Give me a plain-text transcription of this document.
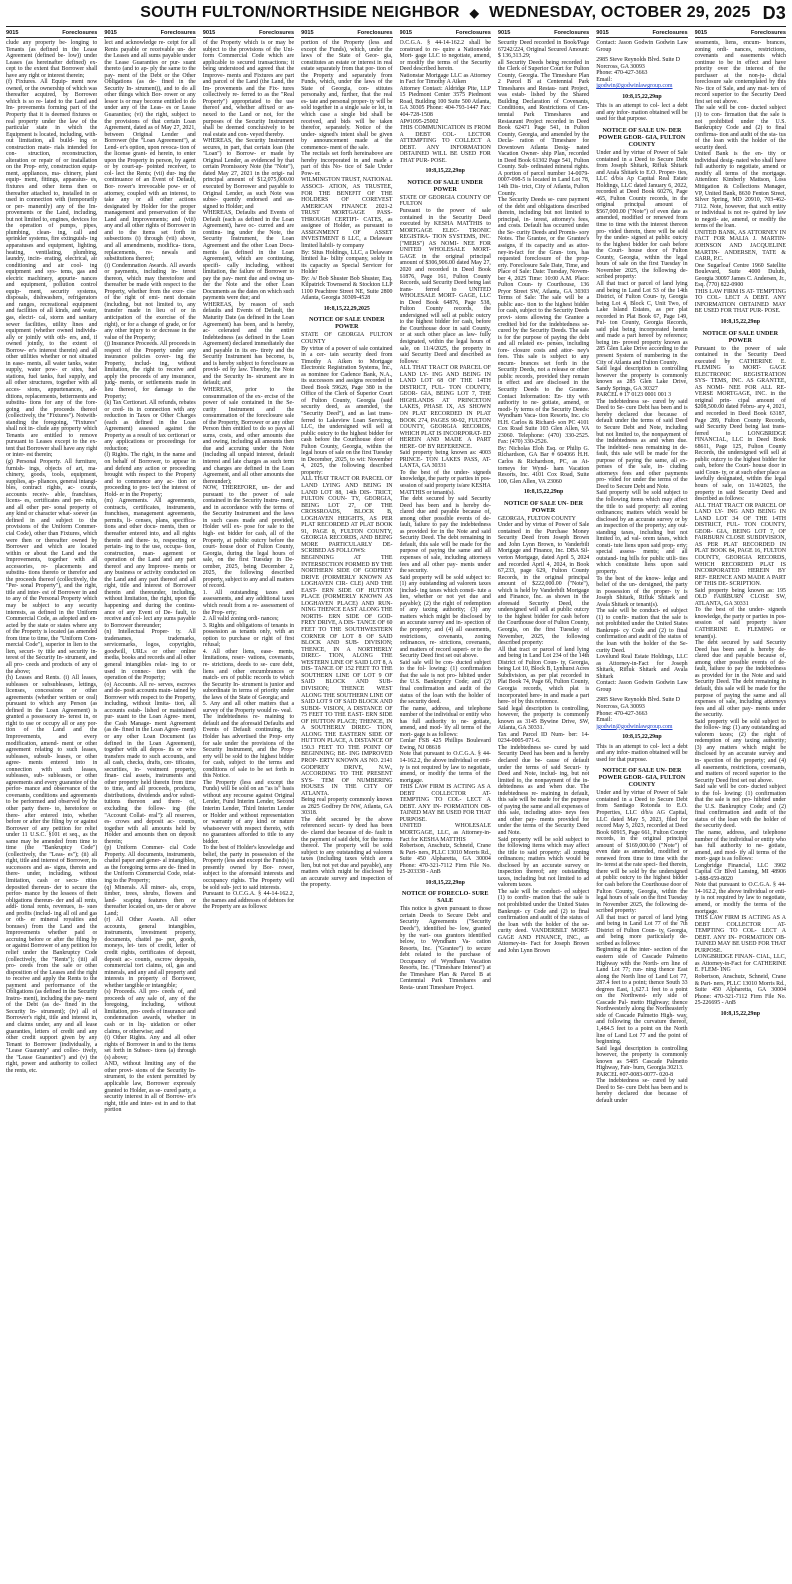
SOUTH FULTON/NORTHSIDE NEIGHBOR ◆ WEDNESDAY, OCTOBER 29, 2025 D3
9015	Foreclosures
clude any property be- longing to Tenants (as defined in the Lease Agreement (defined be- low)) under Leases (as hereinafter defined) ex- cept to the extent that Borrower shall have any right or interest therein;
(f) Fixtures. All Equip- ment now owned, or the ownership of which was thereafter acquired, by Borrower which is so re- lated to the Land and Im- provements forming part of the Property that it is deemed fixtures or real property under the law of the particular state in which the Equipment is located, including, with- out limitation, all build- ing or construction mate- rials intended for con- struction, reconstruction, alteration or repair of or installation on the Prop- erty, construction equip- ment, appliances, ma- chinery, plant equip- ment, fittings, apparatus- es, fixtures and other items then or thereafter attached to, installed in or used in connection with (temporarily or per- manently) any of the Im- provements or the Land, including, but not limited to, engines, devices for the operation of pumps, pipes, plumbing, clean- ing, call and sprinkler systems, fire extinguish- ing apparatuses and equipment, lighting, heating, ventilating, plumbing, laundry, incin- erating, electrical, air conditioning and air cool- ing equipment and sys- tems, gas and electric machinery, appurte- nances and equipment, pollution control equip- ment, security systems, disposals, dishwashers, refrigerators and ranges, recreational equipment and facilities of all kinds, and water, gas, electri- cal, storm and sanitary sewer facilities, utility lines and equipment (whether owned individu- ally or jointly with oth- ers, and, if owned jointly, to the extent of Borrow- er's interest therein) and all other utilities whether or not situated in ease- ments, all water tanks, water supply, water pow- er sites, fuel stations, fuel tanks, fuel supply, and all other structures, together with all acces- sions, appurtenances, ad- ditions, replacements, betterments and substitu- tions for any of the fore- going and the proceeds thereof (collectively, the "Fixtures"). Notwith- standing the foregoing, "Fixtures" shall not in- clude any property which Tenants are entitled to remove pursuant to Leases except to the ex- tent that Borrower shall have any right or inter- est therein;
(g) Personal Property. All furniture, furnish- ings, objects of art, ma- chinery, goods, tools, equipment, supplies, ap- pliances, general intangi- bles, contract rights, ac- counts, accounts receiv- able, franchises, licens- es, certificates and per- mits, and all other per- sonal property of any kind or character what- soever (as defined in and subject to the provisions of the Uniform Commer- cial Code), other than Fixtures, which were then or thereafter owned by Borrower and which are located within or about the Land and the Improvements, together with all accessories, re- placements and substitu- tions thereto or therefor and the proceeds thereof (collectively, the "Per- sonal Property"), and the right, title and inter- est of Borrower in and to any of the Personal Property which may be subject to any security interests, as defined in the Uniform Commercial Code, as adopted and en- acted by the state or states where any of the Property is located (as amended from time to time, the "Uniform Com- mercial Code"), superior in lien to the lien, securi- ty title and security in- terest of the Security In- strument, and all pro- ceeds and products of any of the above;
(h) Leases and Rents. (i) All leases, subleases or subsubleases, lettings, licenses, concessions or other agreements (whether written or oral) pursuant to which any Person (as defined in the Loan Agreement) is granted a possessory in- terest in, or right to use or occupy all or any por- tion of the Land and the Improvements, and every modification, amend- ment or other agreement relating to such leases, subleases, subsub- leases, or other agree- ments entered into in connection with such leases, subleases, sub- subleases, or other agreements and every guarantee of the perfor- mance and observance of the covenants, conditions and agreements to be performed and observed by the other party there- to, heretofore or there- after entered into, whether before or after the filing by or against Borrower of any petition for relief under 11 U.S.C. §101 et seq., as the same may be amended from time to time (the "Bankruptcy Code") (collectively, the "Leas- es"); (ii) all right, title and interest of Borrower, its successors and as- signs, therein and there- under, including, without limitation, cash or secu- rities deposited thereun- der to secure the perfor- mance by the lessees of their obligations thereun- der and all rents, addi- tional rents, revenues, is- sues and profits (includ- ing all oil and gas or oth- er mineral royalties and bonuses) from the Land and the Improvements whether paid or accruing before or after the filing by or against Borrower of any petition for relief under the Bankruptcy Code (collectively, the "Rents"); (iii) all pro- ceeds from the sale or other disposition of the Leases and the right to receive and apply the Rents to the payment and performance of the Obligations (as defined in the Security Instru- ment), including the pay- ment of the Debt (as de- fined in the Security In- strument); (iv) all of Borrower's right, title and interest in, and claims under, any and all lease guaranties, letters of credit and any other credit support given by any Tenant to Borrower (individually, a "Lease Guaranty" and collec- tively, the "Lease Guaranties") and (v) the right, power and authority to collect the rents, etc.
9015	Foreclosures
lect and acknowledge re- ceipt for all Rents payable or receivable un- der the Leases and all sums payable under the Lease Guaranties or pur- suant thereto (and to ap- ply the same to the pay- ment of the Debt or the Other Obligations (as de- fined in the Security In- strument)), and to do all other things which Bor- rower or any lessor is or may become entitled to do under any of the Leas- es or Lease Guaranties; (vi) the right, subject to the provisions of that certain Loan Agreement, dated as of May 27, 2021, between Original Lender and Borrower (the "Loan Agreement"), at Lend- er's option, upon revoca- tion of the license grant- ed herein, to enter upon the Property in person, by agent or by court-ap- pointed receiver, to col- lect the Rents; (vii) dur- ing the continuance of an Event of Default, Bor- rower's irrevocable pow- er of attorney, coupled with an interest, to take any or all other actions designated by Holder for the proper management and preservation of the Land and Improvements; and (viii) any and all other rights of Borrower in and to the items set forth in subsections (i) through (vii) above, and all amendments, modifica- tions, replacements, re- newals and substitutions thereof;
(i) Condemnation Awards. All awards or payments, including in- terest thereon, which may theretofore and thereafter be made with respect to the Property, whether from the exer- cise of the right of emi- nent domain (including, but not limited to, any transfer made in lieu of or in anticipation of the exercise of the right), or for a change of grade, or for any other injury to or decrease in the value of the Property;
(j) Insurance Proceeds. All proceeds in respect of the Property under any insurance policies cover- ing the Property, includ- ing, without limitation, the right to receive and apply the proceeds of any insurance, judg- ments, or settlements made in lieu thereof, for damage to the Property;
(k) Tax Certiorari. All refunds, rebates or cred- its in connection with any reduction in Taxes or Other Charges (each as defined in the Loan Agreement) assessed against the Property as a result of tax certiorari or any applications or proceedings for reduction;
(l) Rights. The right, in the name and on behalf of Borrower, to appear in and defend any action or proceeding brought with respect to the Property and to commence any ac- tion or proceeding to pro- tect the interest of Hold- er in the Property;
(m) Agreements. All agreements, contracts, certificates, instruments, franchises, management agreements, permits, li- censes, plans, specifica- tions and other docu- ments, then or thereafter entered into, and all rights therein and there- to, respecting or pertain- ing to the use, occupa- tion, construction, man- agement or operation of the Land and any part thereof and any Improve- ments or any business or activity conducted on the Land and any part thereof and all right, title and interest of Borrower therein and thereunder, including, without limitation, the right, upon the happening and during the continu- ance of any Event of De- fault, to receive and col- lect any sums payable to Borrower thereunder;
(n) Intellectual Proper- ty. All tradenames, trademarks, servicemarks, logos, copyrights, goodwill, URLs or other online media, books and records and all other general intangibles relat- ing to or used in connec- tion with the operation of the Property;
(o) Accounts. All re- serves, escrows and de- posit accounts main- tained by Borrower with respect to the Property, including, without limita- tion, all accounts estab- lished or maintained pur- suant to the Loan Agree- ment, the Cash Manage- ment Agreement (as de- fined in the Loan Agree- ment) or any other Loan Document (as defined in the Loan Agreement), together with all depos- its or wire transfers made to such accounts, and all cash, checks, drafts, cer- tificates, securities, in- vestment property, finan- cial assets, instruments and other property held therein from time to time, and all proceeds, products, distributions, dividends and/or substi- tutions thereon and there- of, excluding the follow- ing (the "Account Collat- eral"): all reserves, es- crows and deposit ac- counts, together with all amounts held by Holder and amounts then on deposit therein;
(p) Uniform Commer- cial Code Property. All documents, instruments, chattel paper and gener- al intangibles, as the foregoing terms are de- fined in the Uniform Commercial Code, relat- ing to the Property;
(q) Minerals. All miner- als, crops, timber, trees, shrubs, flowers and land- scaping features then or thereafter located on, un- der or above Land;
(r) All Other Assets. All other accounts, general intangibles, instruments, investment property, documents, chattel pa- per, goods, moneys, let- ters of credit, letter of credit rights, certificates of deposit, deposit ac- counts, escrow deposits, commercial tort claims, oil, gas and minerals, and any and all property and interests in property of Borrower, whether tangible or intangible;
(s) Proceeds. All pro- ceeds of, and proceeds of any sale of, any of the foregoing, including, without limitation, pro- ceeds of insurance and condemnation awards, whether in cash or in liq- uidation or other claims, or otherwise; and
(t) Other Rights. Any and all other rights of Borrower in and to the items set forth in Subsec- tions (a) through (s) above;
AND, without limiting any of the other provi- sions of the Security In- strument, to the extent permitted by applicable law, Borrower expressly granted to Holder, as se- cured party, a security interest in all of Borrow- er's right, title and inter- est in and to that portion
9015	Foreclosures
of the Property which is or may be subject to the provisions of the Uni- form Commercial Code which are applicable to secured transactions; it being understood and agreed that the Improve- ments and Fixtures are part and parcel of the Land (the Land, the Im- provements and the Fix- tures collectively re- ferred to as the "Real Property") appropriated to the use thereof and, whether affixed or an- nexed to the Land or not, for the purposes of the Security Instrument shall be deemed conclusively to be real estate and con- veyed thereby.
WHEREAS, the Security Instrument secures, in part, that certain loan (the "Loan") to Borrow- er made by Original Lender, as evidenced by that certain Promissory Note (the "Note"), dated May 27, 2021 in the origi- nal principal amount of $12,075,000.00 executed by Borrower and payable to Original Lender, as such Note was subse- quently endorsed and as- signed to Holder; and
WHEREAS, Defaults and Events of Default (each as defined in the Loan Agreement), have oc- curred and are continu- ing under the Note, the Security Instrument, the Loan Agreement and the other Loan Docu- ments (as defined in the Loan Agreement), which are continuing, specifi- cally including, without limitation, the failure of Borrower to pay the pay- ment due and owing un- der the Note and the other Loan Documents as the dates on which such payments were due; and
WHEREAS, by reason of such defaults and Events of Default, the Maturity Date (as defined in the Loan Agreement) has been, and is hereby, ac- celerated and the entire Indebtedness (as defined in the Loan Agreement) declared immediately due and payable in its en- tirety and the Security Instrument has become, is, and is hereby subject to foreclosure as provid- ed by law. Thereby, the Note and the Security In- strument are in default; and
WHEREAS, prior to the consummation of the ex- ercise of the power of sale contained in the Se- curity Instrument and the consummation of the foreclosure sale of the Property, Borrower or any other Person then entitled to do so pays all sums, costs, and other amounts due and owing, including all amounts then due and accruing under the Note (including all unpaid interest, default interest and late charges as such term and charges are defined in the Loan Agreement, and all other amounts due thereunder);
NOW, THEREFORE, un- der and pursuant to the power of sale contained in the Security Instru- ment, and in accordance with the terms of the Security Instrument and the laws in such cases made and provided, Holder will ex- pose for sale to the high- est bidder for cash, all of the Property, at public outcry before the court- house door of Fulton County, Georgia, during the legal hours of sale, on the first Tuesday in De- cember, 2025, being December 2, 2025, the following described property, subject to any and all matters of record.
1. All outstanding taxes and assessments, and any additional taxes which result from a re- assessment of the Prop- erty;
2. All valid zoning ordi- nances;
3. Rights and obligations of tenants in possession as tenants only, with an option to purchase or right of first refusal;
4. All other liens, ease- ments, limitations, reser- vations, covenants, re- strictions, deeds to se- cure debt, liens and other encumbrances or match- ers of public records to which the Security In- strument is junior and subordinate in terms of priority under the laws of the State of Georgia; and
5. Any and all other matters that a survey of the Property would re- veal.
The indebtedness re- maining to default and the aforesaid Defaults and Events of Default continuing, the Holder has advertised the Prop- erty for sale under the provisions of the Security Instrument, and the Prop- erty will be sold to the highest bidder for cash, subject to the terms and conditions of sale to be set forth in this Notice.
The Property (less and except the Funds) will be sold on an "as is" basis without any recourse against Original Lender, Fund Interim Lender, Second Interim Lender, Third Interim Lender or Holder and without representation or warranty of any kind or nature whatsoever with respect thereto, with no guarantees afforded to title to any bidder.
To the best of Holder's knowledge and belief, the party in possession of the Property (less and except the Funds) is presently owned by Bor- rower, subject to the aforesaid interests and occupancy rights. The Property will be sold sub- ject to said interests.
Pursuant to O.C.G.A. § 44-14-162.2, the names and addresses of debtors for the Property are as follows:
9015	Foreclosures
portion of the Property (less and except the Funds), which, under the laws of the State of Geor- gia, constitutes an estate or interest in real estate separately from that por- tion of the Property and separately from Funds, which, under the laws of the State of Georgia, con- stitutes personalty and, further, that the real es- tate and personal proper- ty will be sold together in a single sale or lot, in which case a single bid shall be received, and bids will be taken therefor, separately. Notice of the under- signed's intent shall be given by announcement made at the commence- ment of the sale.
The recitals set forth hereinabove are hereby incorporated in and made a part of this No- tice of Sale Under Pow- er.
WILMINGTON TRUST, NATIONAL ASSOCI- ATION, AS TRUSTEE, FOR THE BENEFIT OF THE HOLDERS OF COREVEST AMERICAN FINANCE 2021-2 TRUST MORTGAGE PASS- THROUGH CERTIFI- CATES, as assignee of Holder, as pursuant to ASSIGNMENT OF ASSET INVESTMENT 8 LLC, a Delaware limited liabili- ty company
By: Situs Holdings, LLC, a Delaware limited lia- bility company, solely in its capacity as Special Servicer for Holder
By: /s/ Bob Shuster Bob Shuster, Esq. Kilpatrick Townsend & Stockton LLP 1100 Peachtree Street NE, Suite 2800 Atlanta, Georgia 30309-4528
10:8,15,22,29,2025
NOTICE OF SALE UNDER POWER
STATE OF GEORGIA FULTON COUNTY
By virtue of a power of sale contained in a cer- tain security deed from Timothy A Aiken to Mortgage Electronic Registration Systems, Inc., as nominee for Cadence Bank, N.A., its successors and assigns recorded in Deed Book 59626, Page 380 in the Office of the Clerk of Superior Court of Fulton County, Georgia (said security deed, as amended, the "Security Deed"), and as last trans- ferred to Lakeview Loan Servicing, LLC, the undersigned will sell at public outcry to the highest bidder for cash before the Courthouse door of Fulton County, Georgia, within the legal hours of sale on the first Tuesday in December, 2025, to wit: November 4, 2025, the following described property:
ALL THAT TRACT OR PARCEL OF LAND LYING AND BEING IN LAND LOT 88, 14th DIS- TRICT, FULTON COUN- TY, GEORGIA, BEING LOT 27, OF THE CROSSROADS, BLOCK B, LOGHAVEN HEIGHTS, AS PER PLAT RECORDED AT PLAT BOOK 91, PAGE 8, FULTON COUNTY, GEORGIA RECORDS, AND BEING MORE PARTICULARLY DE- SCRIBED AS FOLLOWS:
BEGINNING AT THE INTERSECTION FORMED BY THE NORTHERN SIDE OF GODFREY DRIVE (FORMERLY KNOWN AS LOGHAVEN CIR- CLE) AND THE EAST- ERN SIDE OF HUTTON PLACE (FORMERLY KNOWN AS LOGHAVEN PLACE) AND RUN- NING THENCE EAST ALONG THE NORTH- ERN SIDE OF GOD- FREY DRIVE, A DIS- TANCE OF 60 FEET TO THE SOUTHWESTERN CORNER OF LOT 8 OF SAID BLOCK AND SUB- DIVISION; THENCE, IN A NORTHERLY DIREC- TION, ALONG THE WESTERN LINE OF SAID LOT 8, A DIS- TANCE OF 152 FEET TO THE SOUTHERN LINE OF LOT 9 OF SAID BLOCK AND SUB- DIVISION; THENCE WEST ALONG THE SOUTHERN LINE OF SAID LOT 9 OF SAID BLOCK AND SUBDI- VISION, A DISTANCE OF 75 FEET TO THE EAST- ERN SIDE OF HUTTON PLACE; THENCE, IN A SOUTHERLY DIREC- TION, ALONG THE EASTERN SIDE OF HUTTON PLACE, A DISTANCE OF 150.3 FEET TO THE POINT OF BEGINNING; BE- ING IMPROVED PROP- ERTY KNOWN AS NO. 2141 GODFREY DRIVE, N.W., ACCORDING TO THE PRESENT SYS- TEM OF NUMBERING HOUSES IN THE CITY OF ATLANTA.
Being real property commonly known as 2825 Godfrey Dr NW, Atlanta, GA 30318.
The debt secured by the above referenced securi- ty deed has been de- clared due because of de- fault in the payment of said debt, for the terms thereof. The property will be sold subject to any outstanding ad valorem taxes (including taxes which are a lien, but not yet due and payable), any matters which might be disclosed by an accurate survey and inspection of the property.
9015	Foreclosures
O.C.G.A. § 44-14-162.2 shall be construed to re- quire a Nationwide Mort- gage LLC to negotiate, amend, or modify the terms of the Security Deed described herein.
Nationstar Mortgage LLC as Attorney in Fact for Timothy A Aiken
Attorney Contact: Aldridge Pite, LLP 15 Piedmont Center 3575 Piedmont Road, Building 100 Suite 500 Atlanta, GA 30305 Phone: 404-793-1447 Fax: 404-728-1508
AP#1095-25002
THIS COMMUNICATION IS FROM A DEBT COL- LECTOR ATTEMPTING TO COLLECT A DEBT. ANY INFORMATION OBTAINED WILL BE USED FOR THAT PUR- POSE.
10:8,15,22,29np
NOTICE OF SALE UNDER POWER
STATE OF GEORGIA COUNTY OF FULTON
Pursuant to the power of sale contained in the Security Deed executed by KESHA MATTHIS to MORTGAGE ELEC- TRONIC REGISTRA- TION SYSTEMS, INC. ("MERS") AS NOMI- NEE FOR UNITED WHOLESALE MORT- GAGE in the original principal amount of $306,906.00 dated May 27, 2020 and recorded in Deed Book 61876, Page 161, Fulton County Records, said Security Deed being last trans- ferred to UNITED WHOLESALE MORT- GAGE, LLC in Deed Book 64876, Page 538, Fulton County records, the undersigned will sell at public outcry to the highest bidder for cash, before the Courthouse door in said County, or at such other place as law- fully designated, within the legal hours of sale, on 11/4/2025, the property in said Security Deed and described as follows:
ALL THAT TRACT OR PARCEL OF LAND LY- ING AND BEING IN LAND LOT 68 OF THE 14TH DISTRICT, FUL- TON COUNTY, GEOR- GIA, BEING LOT 7, THE HIGHLANDS AT PRINCETON LAKES, PHASE IX, AS SHOWN ON PLAT RECORDED IN PLAT BOOK 274, PAGES 90-92, FULTON COUNTY, GEORGIA RECORDS, WHICH PLAT IS INCORPORAT- ED HEREIN AND MADE A PART HERE- OF BY REFERENCE.
Said property being known as: 4003 PRINCE- TON LAKES PASS, AT- LANTA, GA 30331
To the best of the under- signeds knowledge, the party or parties in pos- session of said property is/are KESHA MATTHIS or tenant(s).
The debt secured by said Security Deed has been and is hereby de- clared due and payable because of, among other possible events of de- fault, failure to pay the indebtedness as provided for in the Note and said Security Deed. The debt remaining in default, this sale will be made for the purpose of paying the same and all expenses of sale, including attorneys fees and all other pay- ments under the security.
Said property will be sold subject to: (1) any outstanding ad valorem taxes (includ- ing taxes which consti- tute a lien, whether or not yet due and payable); (2) the right of redemption of any taxing authority; (3) any matters which might be disclosed by an accurate survey and in- spection of the property; and (4) all easements, restrictions, covenants, zoning ordinances, re- strictions, covenants, and matters of record superi- or to the Security Deed first set out above.
Said sale will be con- ducted subject to the fol- lowing: (1) confirmation that the sale is not pro- hibited under the U.S. Bankruptcy Code; and (2) final confirmation and audit of the status of the loan with the holder of the security deed.
The name, address, and telephone number of the individual or entity who has full authority to ne- gotiate, amend, and mod- ify all terms of the mort- gage is as follows:
Cenlar FSB 425 Phillips Boulevard Ewing, NJ 08618
Note that pursuant to O.C.G.A. § 44-14-162.2, the above individual or enti- ty is not required by law to negotiate, amend, or modify the terms of the mortgage.
THIS LAW FIRM IS ACTING AS A DEBT COLLECTOR AT- TEMPTING TO COL- LECT A DEBT. ANY IN- FORMATION OB- TAINED MAY BE USED FOR THAT PURPOSE.
UNITED WHOLESALE MORTGAGE, LLC, as Attorney-in-Fact for KESHA MATTHIS
Robertson, Anschutz, Schneid, Crane & Part- ners, PLLC 13010 Morris Rd., Suite 450 Alpharetta, GA 30004 Phone: 470-321-7112 Firm File No. 25-203338 - AnB
10:8,15,22,29np
NOTICE OF FORECLO- SURE SALE
This notice is given pursuant to those certain Deeds to Secure Debt and Security Agreements ("Security Deeds"), identified be- low, granted by the vari- ous grantors identified below, to Wyndham Va- cation Resorts, Inc. ("Grantee") to secure debt related to the purchase of Occupancy of Wyndham Vacation Resorts, Inc. ("Timeshare Interest") at the Timeshare Plan & Parcel B at Centennial Park Timeshares and Resta- urant Timeshare Project.
9015	Foreclosures
Security Deed recorded in Book/Page 67242/224, Original Secured Amount: $ 136,313.29;
all Security Deeds being recorded in the Clerk of Superior Court for Fulton County, Georgia. The Timeshare Plan 2 Parcel B at Centennial Park Timeshares and Restau- rant Project, was estab- lished by the Shared Building Declaration of Covenants, Conditions, and Restrictions of Cen- tennial Park Timeshares and Restaurant Project recorded in Deed Book 62471 Page 541, in Fulton County, Georgia, and amended by the Decla- ration of Timeshare for Downtown Atlanta Desig- nated Vacation Owner- ship Plan, recorded in Deed Book 61302 Page 541, Fulton County. Sub- ordinated mineral rights. A portion of parcel number 14-0079-0007-098-5 is located in Land Lot 78, 14th Dis- trict, City of Atlanta, Fulton County.
The Security Deeds se- cure payment of the debt and obligations described therein, including but not limited to principal, in- terest, attorney's fees, and costs. Default has occurred under the Se- curity Deeds and Promis- sory Notes. The Grantee, or the Grantee's assigns, if its capacity and as attor- ney-in-fact for the Gran- tors, has requested foreclosure of the prop- erty. Foreclosure Sale Date, Time, and Place of Sale: Date: Tuesday, Novem- ber 4, 2025 Time: 10:00 A.M. Place: Fulton Coun- ty Courthouse, 136 Pryor Street SW, Atlanta, GA 30303 Terms of Sale: The sale will be a public auc- tion to the highest bidder for cash, subject to the Security Deeds provi- sions allowing the Grantee a credited bid for the indebtedness se- cured by the Security Deeds. The sale is for the purpose of paying the debt and all related ex- penses, including fore- closure costs and attor- ney's fees. This sale is subject to any encum- brances set forth in the Security Deeds, not a release or other public records, provided they remain in effect and are disclosed in the Security Deeds to the Grantee. Contact Information: En- tity with authority to ne- gotiate, amend, or modi- fy terms of the Security Deeds: Wyndham Vaca- tion Resorts, Inc. c/o H.H. Carlos & Richard- son PC 4101 Cox Road Suite 103 Glen Allen, VA 23060. Telephone: (470) 330-2525. Fax: (470) 330-2526.
By: Nicholas Eloh Esq. or Philip G. Richardson, GA Bar # 604066 H.H. Carlos & Richardson, PC, as At- torneys for Wynd- ham Vacation Resorts, Inc. 4101 Cox Road, Suite 100, Glen Allen, VA 23060
10:8,15,22,29np
NOTICE OF SALE UN- DER POWER
GEORGIA, FULTON COUNTY
Under and by virtue of Power of Sale contained in the Purchase Money Security Deed from Joseph Brown and John Lynn Brown, to Vanderbilt Mortgage and Finance, Inc. DBA Sil- verton Mortgage, dated April 5, 2024 and recorded April 4, 2024, in Book 67,233, page 629, Fulton County Records, in the original principal amount of $222,000.00 ("Note"), which is held by Vanderbilt Mortgage and Finance, Inc. as shown in the aforesaid Security Deed, the undersigned will sell at public outcry to the highest bidder for cash before the Courthouse door of Fulton County, Georgia, on the first Tuesday of November, 2025, the following described property:
All that tract or parcel of land lying and being in Land Lot 234 of the 14th District of Fulton Coun- ty, Georgia, being Lot 10, Block B, Lynhurst Acres Subdivision, as per plat recorded in Plat Book 74, Page 66, Fulton County, Georgia records, which plat is incorporated here- in and made a part here- of by this reference.
Said legal description is controlling, however, the property is commonly known as 3145 Bywine Drive, SW, Atlanta, GA 30331.
Tax and Parcel ID Num- ber: 14-0234-0005-071-6.
The indebtedness se- cured by said Security Deed has been and is hereby declared due be- cause of default under the terms of said Securi- ty Deed and Note, includ- ing, but not limited to, the nonpayment of the in- debtedness as and when due. The indebtedness re- maining in default, this sale will be made for the purpose of paying the same and all expenses of this sale, including attor- neys fees and other pay- ments provided for under the terms of the Security Deed and Note.
Said property will be sold subject to the following items which may affect the title to said property: all zoning ordinances; matters which would be disclosed by an accurate survey or inspection thereof; any outstanding taxes, including but not limited to ad valorem taxes.
The sale will be conduct- ed subject (1) to confir- mation that the sale is not prohibited under the United States Bankrupt- cy Code and (2) to final confirmation and audit of the status of the loan with the holder of the se- curity deed. VANDERBILT MORT- GAGE AND FINANCE, INC., as Attorney-in- Fact for Joseph Brown and John Lynn Brown
9015	Foreclosures
Contact: Jason Godwin Godwin Law Group
2985 Steve Reynolds Blvd. Suite D Norcross, GA 30093
Phone: 470-427-3663
Email: jgodwin@godwinlawgroup.com
10:8,15,22,29np
This is an attempt to col- lect a debt and any infor- mation obtained will be used for that purpose.
NOTICE OF SALE UN- DER POWER GEOR- GIA, FULTON COUNTY
Under and by virtue of Power of Sale contained in a Deed to Secure Debt from Joseph Shitark, Rifluk Shitark and Arala Shitark to E.O. Proper- ties, LLC d/b/a Ap Capital Real Estate Holdings, LLC dated January 6, 2022, recorded at Deed Book 60276, Page 465, Fulton County records, in the original principal amount of $567,000.00 ("Note") of even date as amended, modified or renewed from time to time with the interest thereon pro- vided therein, there will be sold by the under- signed at public outcry to the highest bidder for cash before the Court- house door of Fulton County, Georgia, within the legal hours of sale on the first Tuesday in November 2025, the following de- scribed property:
All that tract or parcel of land lying and being in Land Lot 53 of the 14th District, of Fulton Coun- ty, Georgia being Lot 4, Block C, Unit Two, of Lake Island Estates, as per plat recorded in Plat Book 67, Page 149, Ful- ton County, Georgia Records, said plat being incorporated herein and made a part hereof by reference; being im- proved property known as 285 Glen Lake Drive according to the present System of numbering in the City of Atlanta and Fulton County.
Said legal description is controlling however the property is commonly known as 285 Glen Lake Drive, Sandy Springs, GA 30327
PARCEL # 17 0123 0001 001 3
The indebtedness se- cured by said Deed to Se- cure Debt has been and is hereby declared due because of default under the terms of said Deed to Secure Debt and Note, including but not limited to, the nonpayment of the indebtedness as and when due. The indebted- ness remaining in de- fault, this sale will be made for the purpose of paying the same, all ex- penses of the sale, in- cluding attorneys fees and other payments pro- vided for under the terms of the Deed to Secure Debt and Note.
Said property will be sold subject to the following items which may affect the title to said property: all zoning ordinances; matters which would be disclosed by an accurate survey or by an inspection of the property; any out- standing taxes, including but not limited to, ad val- orem taxes, which consti- tute liens upon said prop- erty; special assess- ments; and all outstand- ing bills for public utili- ties which constitute liens upon said property.
To the best of the know- ledge and belief of the un- dersigned, the party in possession of the proper- ty is Joseph Shitark, Rifluk Shitark and Avala Shitark or tenant(s).
The sale will be conduct- ed subject (1) to confir- mation that the sale is not prohibited under the United States Bankrupt- cy Code and (2) to final confirmation and audit of the status of the loan with the holder of the Se- curity Deed.
Lovelund Real Estate Holdings, LLC as Attorney-in-Fact for Joseph Shitark, Rifluk Shitark and Avala Shitark
Contact: Jason Godwin Godwin Law Group
2985 Steve Reynolds Blvd. Suite D Norcross, GA 30093
Phone: 470-427-3663
Email: jgodwin@godwinlawgroup.com
10:8,15,22,29np
This is an attempt to col- lect a debt and any infor- mation obtained will be used for that purpose.
NOTICE OF SALE UN- DER POWER GEOR- GIA, FULTON COUNTY
Under and by virtue of Power of Sale contained in a Deed to Secure Debt from Santiago Rotonda to E.O. Properties, LLC d/b/a AG Capital, LLC dated May 5, 2023, filed for record May 5, 2023, recorded at Deed Book 60915, Page 661, Fulton County records, in the original principal amount of $169,000.00 ("Note") of even date as amended, modified or renewed from time to time with the in- terest at the rate speci- fied therein, there will be sold by the undersigned at public outcry to the highest bidder for cash before the Courthouse door of Fulton County, Georgia, within the legal hours of sale on the first Tuesday in November 2025, the following de- scribed property:
All that tract or parcel of land lying and being in Land Lot 77 of the 7th District of Fulton Coun- ty, Georgia, and being more particularly de- scribed as follows:
Beginning at the inter- section of the eastern side of Cascade Palmetto Highway with the North- ern line of Land Lot 77; run- ning thence East along the North line of Land Lot 77, 287.4 feet to a point; thence South 33 degrees East, 1,627.1 feet to a point on the Northwest- erly side of Cascade Pal- metto Highway; thence Northwesterly along the Northeasterly side of Cascade Palmetto High- way, and following the curvature thereof, 1,484.5 feet to a point on the North line of Land Lot 77 and the point of beginning.
Said legal description is controlling however, the property is commonly known as 5485 Cascade Palmetto Highway, Fair- burn, Georgia 30213.
PARCEL #07-0083-0077- 020-8
The indebtedness se- cured by said Deed to Se- cure Debt has been and is hereby declared due because of default under
9015	Foreclosures
sessments, liens, encum- brances, zoning ordi- nances, restrictions, covenants and easements which continue to be in effect and have priority over the interest of the purchaser at the non-ju- dicial foreclosure sale contemplated by this No- tice of Sale, and any mat- ters of record superior to the Security Deed first set out above.
The sale will be con- ducted subject (1) to con- firmation that the sale is not prohibited under the U.S. Bankruptcy Code and (2) to final confirma- tion and audit of the sta- tus of the loan with the holder of the security deed.
United Bank is the en- tity or individual desig- nated who shall have full authority to negotiate, amend or modify all terms of the mortgage. Attention: Kimberly Mattson, Loss Mitigation & Collections Manager, VP, United Bank, 8630 Fenton Street, Silver Spring, MD 20910, 703-462-7112. Note, however, that such entity or individual is not re- quired by law to negoti- ate, amend, or modify the terms of the loan.
UNITED BANK, AS ATTORNEY IN FACT FOR MALIA J. MARTIN- JOHNSON AND JACQUELINE MARTIN- ANDERSEN, TATE & CARR, P.C.
One Sugarloaf Centre 1960 Satellite Boulevard, Suite 4000 Duluth, Georgia 30097 James C. Andersen, Jr., Esq. (770) 822-0900
THIS LAW FIRM IS AT- TEMPTING TO COL- LECT A DEBT. ANY INFORMATION OBTAINED MAY BE USED FOR THAT PUR- POSE.
10:8,15,22,29np
NOTICE OF SALE UNDER POWER
Pursuant to the power of sale contained in the Security Deed executed by CATHERINE E. FLEMING to MORT- GAGE ELECTRONIC REGISTRATION SYS- TEMS, INC. AS GRANTEE, AS NOMI- NEE FOR ALL RE- VERSE MORTGAGE, INC. in the original prin- cipal amount of $208,500.00 dated Febru- ary 4, 2021, and recorded in Deed Book 63187, Page 289, Fulton County Records, said Security Deed being last trans- ferred to LONGBRIDGE FINANCIAL, LLC in Deed Book 68611, Page 125, Fulton County Records, the undersigned will sell at public outcry to the highest bidder for cash, before the Court- house door in said Coun- ty, or at such other place as lawfully designated, within the legal hours of sale, on 11/4/2025, the property in said Security Deed and described as follows:
ALL THAT TRACT OR PARCEL OF LAND LY- ING AND BEING IN LAND LOT 34 OF THE 14TH DISTRICT, FUL- TON COUNTY, GEOR- GIA, BEING LOT 7, OF FAIRBURN CLOSE SUBDIVISION, AS PER PLAT RECORDED IN PLAT BOOK 84, PAGE 16, FULTON COUNTY, GEORGIA RECORDS, WHICH RECORDED PLAT IS INCORPORATED HEREIN BY REF- ERENCE AND MADE A PART OF THIS DE- SCRIPTION.
Said property being known as: 195 OLD FAIRBURN CLOSE SW, ATLANTA, GA 30331
To the best of the under- signeds knowledge, the party or parties in pos- session of said property is/are CATHERINE E. FLEMING or tenant(s).
The debt secured by said Security Deed has been and is hereby de- clared due and payable because of, among other possible events of de- fault, failure to pay the indebtedness as provided for in the Note and said Security Deed. The debt remaining in default, this sale will be made for the purpose of paying the same and all expenses of sale, including attorneys fees and all other pay- ments under the security.
Said property will be sold subject to the follow- ing: (1) any outstanding ad valorem taxes; (2) the right of redemption of any taxing authority; (3) any matters which might be disclosed by an accurate survey and in- spection of the property; and (4) all easements, restrictions, covenants, and matters of record superior to the Security Deed first set out above.
Said sale will be con- ducted subject to the fol- lowing: (1) confirmation that the sale is not pro- hibited under the U.S. Bankruptcy Code; and (2) final confirmation and audit of the status of the loan with the holder of the security deed.
The name, address, and telephone number of the individual or entity who has full authority to ne- gotiate, amend, and mod- ify all terms of the mort- gage is as follows:
Longbridge Financial, LLC 3902 Capital Cir Blvd Lansing, MI 48906 1-888-659-8020
Note that pursuant to O.C.G.A. § 44-14-162.2, the above individual or enti- ty is not required by law to negotiate, amend, or modify the terms of the mortgage.
THIS LAW FIRM IS ACTING AS A DEBT COLLECTOR AT- TEMPTING TO COL- LECT A DEBT. ANY IN- FORMATION OB- TAINED MAY BE USED FOR THAT PURPOSE.
LONGBRIDGE FINAN- CIAL, LLC, as Attorney-in-Fact for CATHERINE E. FLEM- ING
Robertson, Anschutz, Schneid, Crane & Part- ners, PLLC 13010 Morris Rd., Suite 450 Alpharetta, GA 30004 Phone: 470-321-7112 Firm File No. 25-226695 - AnB
10:8,15,22,29np
